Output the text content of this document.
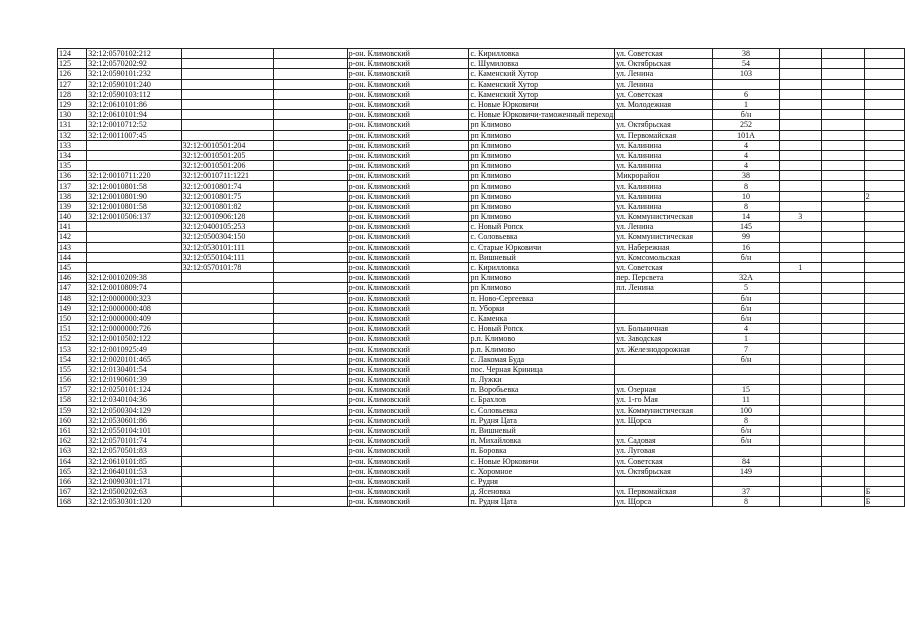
124	32:12:0570102:212			р-он. Климовский	с. Кирилловка	ул. Советская	38			
125	32:12:0570202:92			р-он. Климовский	с. Шумиловка	ул. Октябрьская	54			
126	32:12:0590101:232			р-он. Климовский	с. Каменский Хутор	ул. Ленина	103			
127	32:12:0590101:240			р-он. Климовский	с. Каменский Хутор	ул. Ленина				
128	32:12:0590103:112			р-он. Климовский	с. Каменский Хутор	ул. Советская	6			
129	32:12:0610101:86			р-он. Климовский	с. Новые Юрковичи	ул. Молодежная	1			
130	32:12:0610101:94			р-он. Климовский	с. Новые Юрковичи-таможенный переход		б/н			
131	32:12:0010712:52			р-он. Климовский	рп Климово	ул. Октябрьская	252			
132	32:12:0011007:45			р-он. Климовский	рп Климово	ул. Первомайская	101А			
133		32:12:0010501:204		р-он. Климовский	рп Климово	ул. Калинина	4			
134		32:12:0010501:205		р-он. Климовский	рп Климово	ул. Калинина	4			
135		32:12:0010501:206		р-он. Климовский	рп Климово	ул. Калинина	4			
136	32:12:0010711:220	32:12:0010711:1221		р-он. Климовский	рп Климово	Микрорайон	38			
137	32:12:0010801:58	32:12:0010801:74		р-он. Климовский	рп Климово	ул. Калинина	8			
138	32:12:0010801:90	32:12:0010801:75		р-он. Климовский	рп Климово	ул. Калинина	10			2
139	32:12:0010801:58	32:12:0010801:82		р-он. Климовский	рп Климово	ул. Калинина	8			
140	32:12:0010506:137	32:12:0010906:128		р-он. Климовский	рп Климово	ул. Коммунистическая	14	3		
141		32:12:0400105:253		р-он. Климовский	с. Новый Ропск	ул. Ленина	145			
142		32:12:0500304:150		р-он. Климовский	с. Соловьевка	ул. Коммунистическая	99			
143		32:12:0530101:111		р-он. Климовский	с. Старые Юрковичи	ул. Набережная	16			
144		32:12:0550104:111		р-он. Климовский	п. Вишневый	ул. Комсомольская	б/н			
145		32:12:0570101:78		р-он. Климовский	с. Кирилловка	ул. Советская		1		
146	32:12:0010209:38			р-он. Климовский	рп Климово	пер. Персвета	32А			
147	32:12:0010809:74			р-он. Климовский	рп Климово	пл. Ленина	5			
148	32:12:0000000:323			р-он. Климовский	п. Ново-Сергеевка		б/н			
149	32:12:0000000:408			р-он. Климовский	п. Уборки		б/н			
150	32:12:0000000:409			р-он. Климовский	с. Каменка		б/н			
151	32:12:0000000:726			р-он. Климовский	с. Новый Ропск	ул. Больничная	4			
152	32:12:0010502:122			р-он. Климовский	р.п. Климово	ул. Заводская	1			
153	32:12:0010925:49			р-он. Климовский	р.п. Климово	ул. Железнодорожная	7			
154	32:12:0020101:465			р-он. Климовский	с. Лакомая Буда		б/н			
155	32:12:0130401:54			р-он. Климовский	пос. Черная Криница					
156	32:12:0190601:39			р-он. Климовский	п. Лужки					
157	32:12:0250101:124			р-он. Климовский	п. Воробьевка	ул. Озерная	15			
158	32:12:0340104:36			р-он. Климовский	с. Брахлов	ул. 1-го Мая	11			
159	32:12:0500304:129			р-он. Климовский	с. Соловьевка	ул. Коммунистическая	100			
160	32:12:0530601:86			р-он. Климовский	п. Рудня Цата	ул. Щорса	8			
161	32:12:0550104:101			р-он. Климовский	п. Вишневый		б/н			
162	32:12:0570101:74			р-он. Климовский	п. Михайловка	ул. Садовая	б/н			
163	32:12:0570501:83			р-он. Климовский	п. Боровка	ул. Луговая				
164	32:12:0610101:85			р-он. Климовский	с. Новые Юрковичи	ул. Советская	84			
165	32:12:0640101:53			р-он. Климовский	с. Хоромное	ул. Октябрьская	149			
166	32:12:0090301:171			р-он. Климовский	с. Рудня					
167	32:12:0500202:63			р-он. Климовский	д. Ясеновка	ул. Первомайская	37			Б
168	32:12:0530301:120			р-он. Климовский	п. Рудня Цата	ул. Щорса	8			Б
